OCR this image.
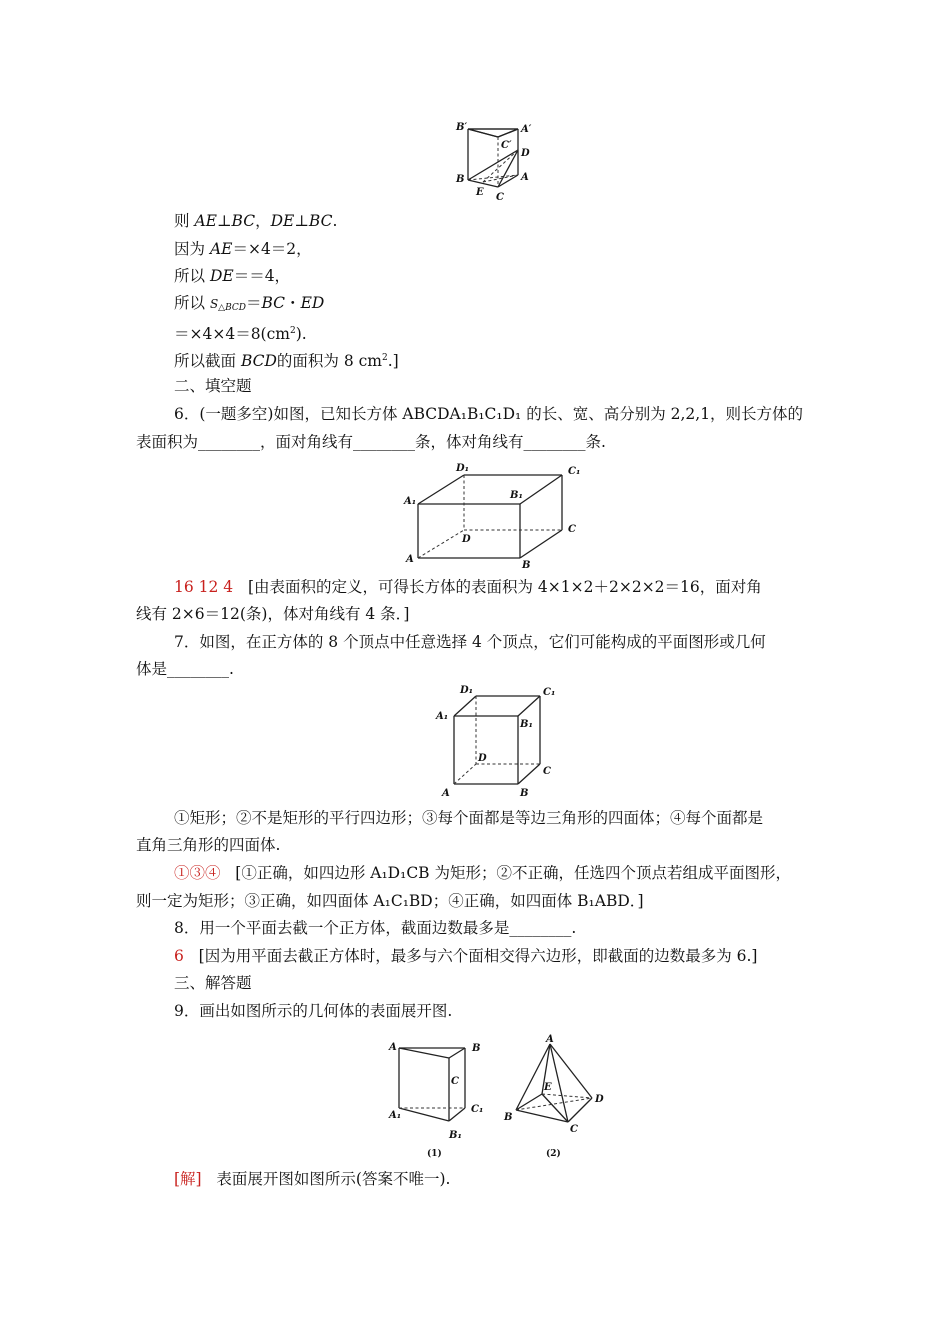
B′	A′
C′
D
B
E C
A
则 AE⊥BC，DE⊥BC.
因为 AE＝×4＝2，
所以 DE＝＝4，
所以 $S_{\triangle BCD}=BC$・ED
$=\times 4\times 4=8(cm^2)$.
所以截面 BCD的面积为 8 $cm^2$.]
二、填空题
6．(一题多空)如图，已知长方体 ABCDA₁B₁C₁D₁ 的长、宽、高分别为 2,2,1，则长方体的
表面积为________，面对角线有________条，体对角线有________条.
D₁	C₁
A₁
B₁
C
D
A
B
16 12 4 [由表面积的定义，可得长方体的表面积为 4×1×2＋2×2×2＝16，面对角
线有 2×6＝12(条)，体对角线有 4 条．]
7．如图，在正方体的 8 个顶点中任意选择 4 个顶点，它们可能构成的平面图形或几何
体是________.
D₁	C₁
A₁
B₁
D
C
A	B
①矩形；②不是矩形的平行四边形；③每个面都是等边三角形的四面体；④每个面都是
直角三角形的四面体.
①③④ [①正确，如四边形 A₁D₁CB 为矩形；②不正确，任选四个顶点若组成平面图形，
则一定为矩形；③正确，如四面体 A₁C₁BD；④正确，如四面体 B₁ABD．]
8．用一个平面去截一个正方体，截面边数最多是________.
6 [因为用平面去截正方体时，最多与六个面相交得六边形，即截面的边数最多为 6.]
三、解答题
9．画出如图所示的几何体的表面展开图.
A	B
C
A₁
C₁
B₁
(1)
A
E
D
B
C
(2)
[解] 表面展开图如图所示(答案不唯一).
